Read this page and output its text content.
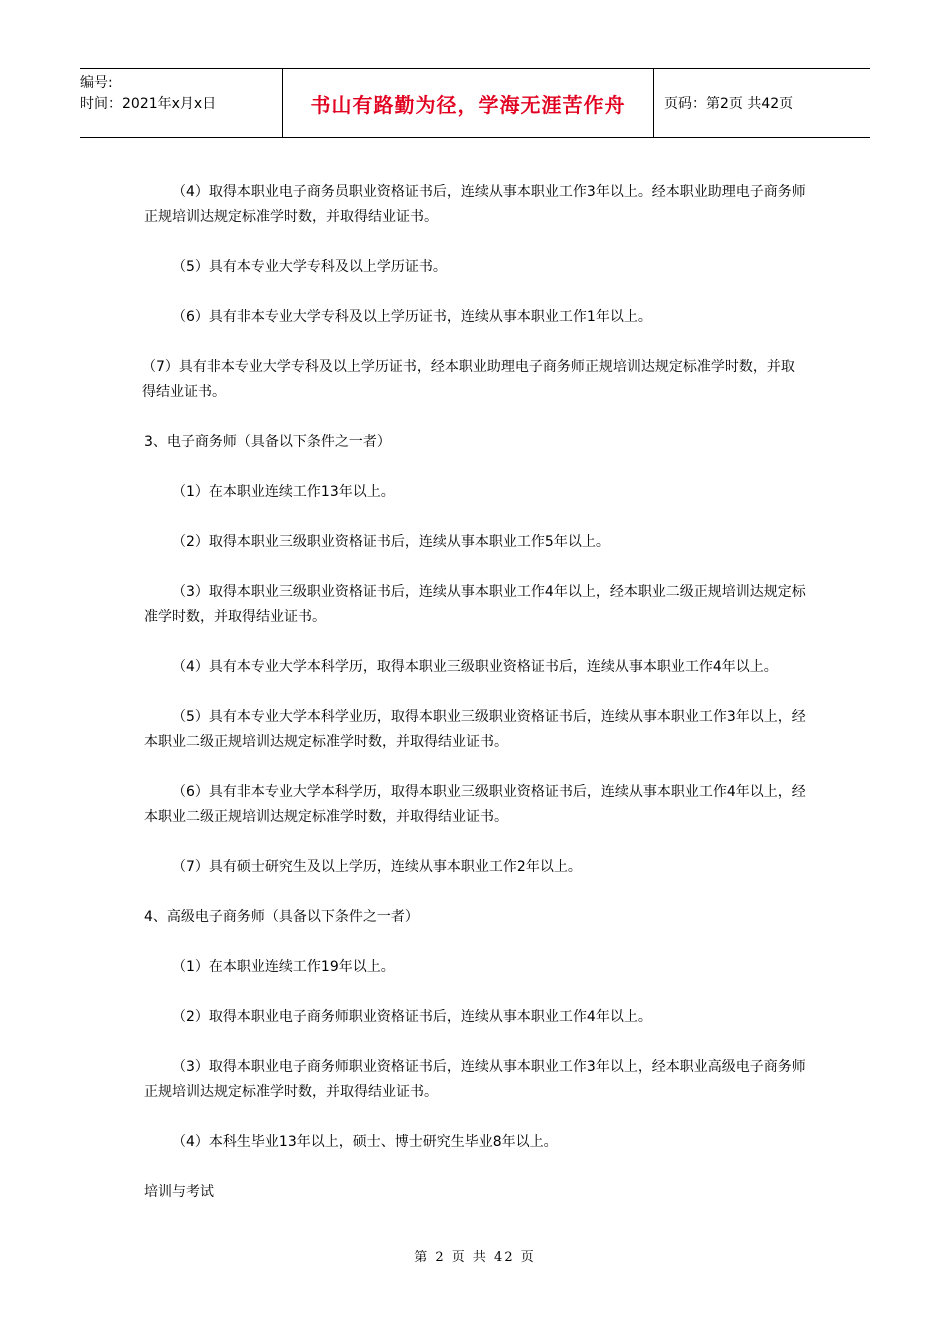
编号:
时间：2021年x月x日	书山有路勤为径，学海无涯苦作舟	页码：第2页 共42页

（4）取得本职业电子商务员职业资格证书后，连续从事本职业工作3年以上。经本职业助理电子商务师正规培训达规定标准学时数，并取得结业证书。

（5）具有本专业大学专科及以上学历证书。

（6）具有非本专业大学专科及以上学历证书，连续从事本职业工作1年以上。

（7）具有非本专业大学专科及以上学历证书，经本职业助理电子商务师正规培训达规定标准学时数，并取得结业证书。

3、电子商务师（具备以下条件之一者）

（1）在本职业连续工作13年以上。

（2）取得本职业三级职业资格证书后，连续从事本职业工作5年以上。

（3）取得本职业三级职业资格证书后，连续从事本职业工作4年以上，经本职业二级正规培训达规定标准学时数，并取得结业证书。

（4）具有本专业大学本科学历，取得本职业三级职业资格证书后，连续从事本职业工作4年以上。

（5）具有本专业大学本科学业历，取得本职业三级职业资格证书后，连续从事本职业工作3年以上，经本职业二级正规培训达规定标准学时数，并取得结业证书。

（6）具有非本专业大学本科学历，取得本职业三级职业资格证书后，连续从事本职业工作4年以上，经本职业二级正规培训达规定标准学时数，并取得结业证书。

（7）具有硕士研究生及以上学历，连续从事本职业工作2年以上。

4、高级电子商务师（具备以下条件之一者）

（1）在本职业连续工作19年以上。

（2）取得本职业电子商务师职业资格证书后，连续从事本职业工作4年以上。

（3）取得本职业电子商务师职业资格证书后，连续从事本职业工作3年以上，经本职业高级电子商务师正规培训达规定标准学时数，并取得结业证书。

（4）本科生毕业13年以上，硕士、博士研究生毕业8年以上。

培训与考试

第 2 页 共 42 页
